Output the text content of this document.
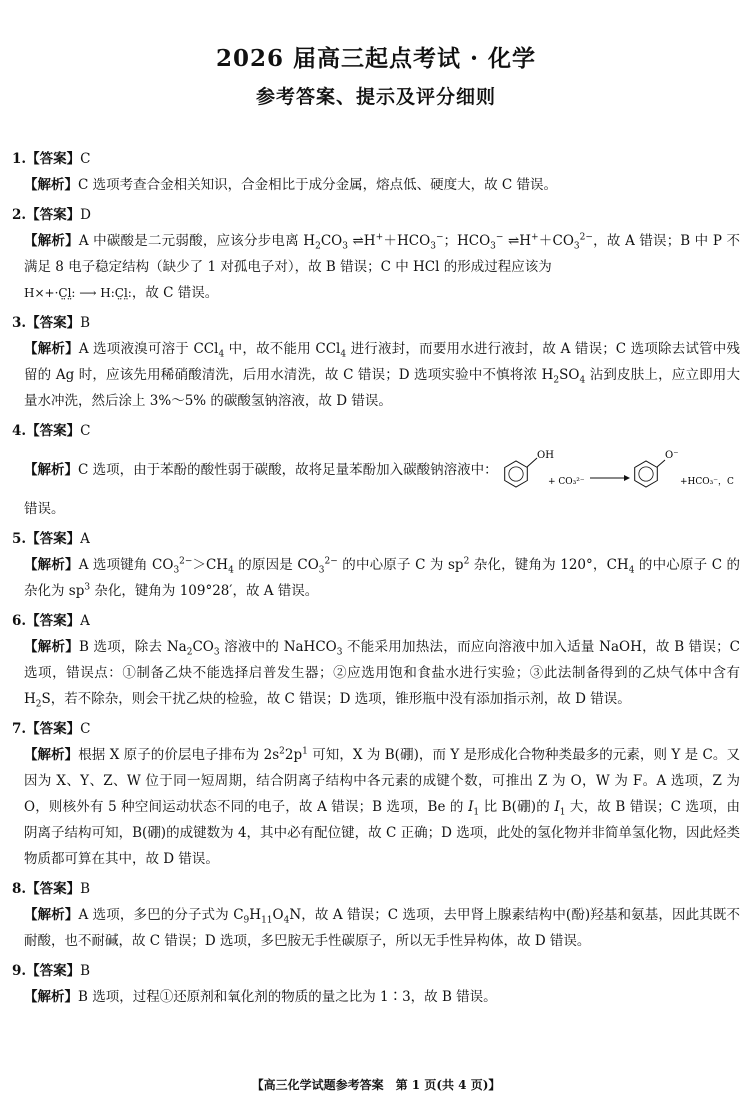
2026 届高三起点考试 · 化学
参考答案、提示及评分细则
1.【答案】C
【解析】C 选项考查合金相关知识，合金相比于成分金属，熔点低、硬度大，故 C 错误。
2.【答案】D
【解析】A 中碳酸是二元弱酸，应该分步电离 $H_2CO_3$ $\rightleftharpoons H^++HCO_3^-$；$HCO_3^-$ $\rightleftharpoons H^++CO_3^{2-}$，故 A 错误；B 中 P 不满足 8 电子稳定结构（缺少了 1 对孤电子对），故 B 错误；C 中 HCl 的形成过程应该为
H×+·C̤l̤: ⟶ H:C̤l̤:，故 C 错误。
3.【答案】B
【解析】A 选项液溴可溶于 CCl$_4$ 中，故不能用 CCl$_4$ 进行液封，而要用水进行液封，故 A 错误；C 选项除去试管中残留的 Ag 时，应该先用稀硝酸清洗，后用水清洗，故 C 错误；D 选项实验中不慎将浓 $H_2SO_4$ 沾到皮肤上，应立即用大量水冲洗，然后涂上 3%～5% 的碳酸氢钠溶液，故 D 错误。
4.【答案】C
【解析】 C 选项，由于苯酚的酸性弱于碳酸，故将足量苯酚加入碳酸钠溶液中：
OH
+ CO₃²⁻
O⁻
+HCO₃⁻，C
错误。
5.【答案】A
【解析】A 选项键角 $CO_3^{2-}>CH_4$ 的原因是 $CO_3^{2-}$ 的中心原子 C 为 $sp^2$ 杂化，键角为 120°，$CH_4$ 的中心原子 C 的杂化为 $sp^3$ 杂化，键角为 109°28′，故 A 错误。
6.【答案】A
【解析】B 选项，除去 $Na_2CO_3$ 溶液中的 NaHCO$_3$ 不能采用加热法，而应向溶液中加入适量 NaOH，故 B 错误；C 选项，错误点：①制备乙炔不能选择启普发生器；②应选用饱和食盐水进行实验；③此法制备得到的乙炔气体中含有 $H_2S$，若不除杂，则会干扰乙炔的检验，故 C 错误；D 选项，锥形瓶中没有添加指示剂，故 D 错误。
7.【答案】C
【解析】根据 X 原子的价层电子排布为 $2s^22p^1$ 可知，X 为 B(硼)，而 Y 是形成化合物种类最多的元素，则 Y 是 C。又因为 X、Y、Z、W 位于同一短周期，结合阴离子结构中各元素的成键个数，可推出 Z 为 O，W 为 F。A 选项，Z 为 O，则核外有 5 种空间运动状态不同的电子，故 A 错误；B 选项，Be 的 $I_1$ 比 B(硼)的 $I_1$ 大，故 B 错误；C 选项，由阴离子结构可知，B(硼)的成键数为 4，其中必有配位键，故 C 正确；D 选项，此处的氢化物并非简单氢化物，因此烃类物质都可算在其中，故 D 错误。
8.【答案】B
【解析】A 选项，多巴的分子式为 $C_9H_{11}O_4N$，故 A 错误；C 选项，去甲肾上腺素结构中(酚)羟基和氨基，因此其既不耐酸，也不耐碱，故 C 错误；D 选项，多巴胺无手性碳原子，所以无手性异构体，故 D 错误。
9.【答案】B
【解析】B 选项，过程①还原剂和氧化剂的物质的量之比为 1∶3，故 B 错误。
【高三化学试题参考答案　第 1 页(共 4 页)】
